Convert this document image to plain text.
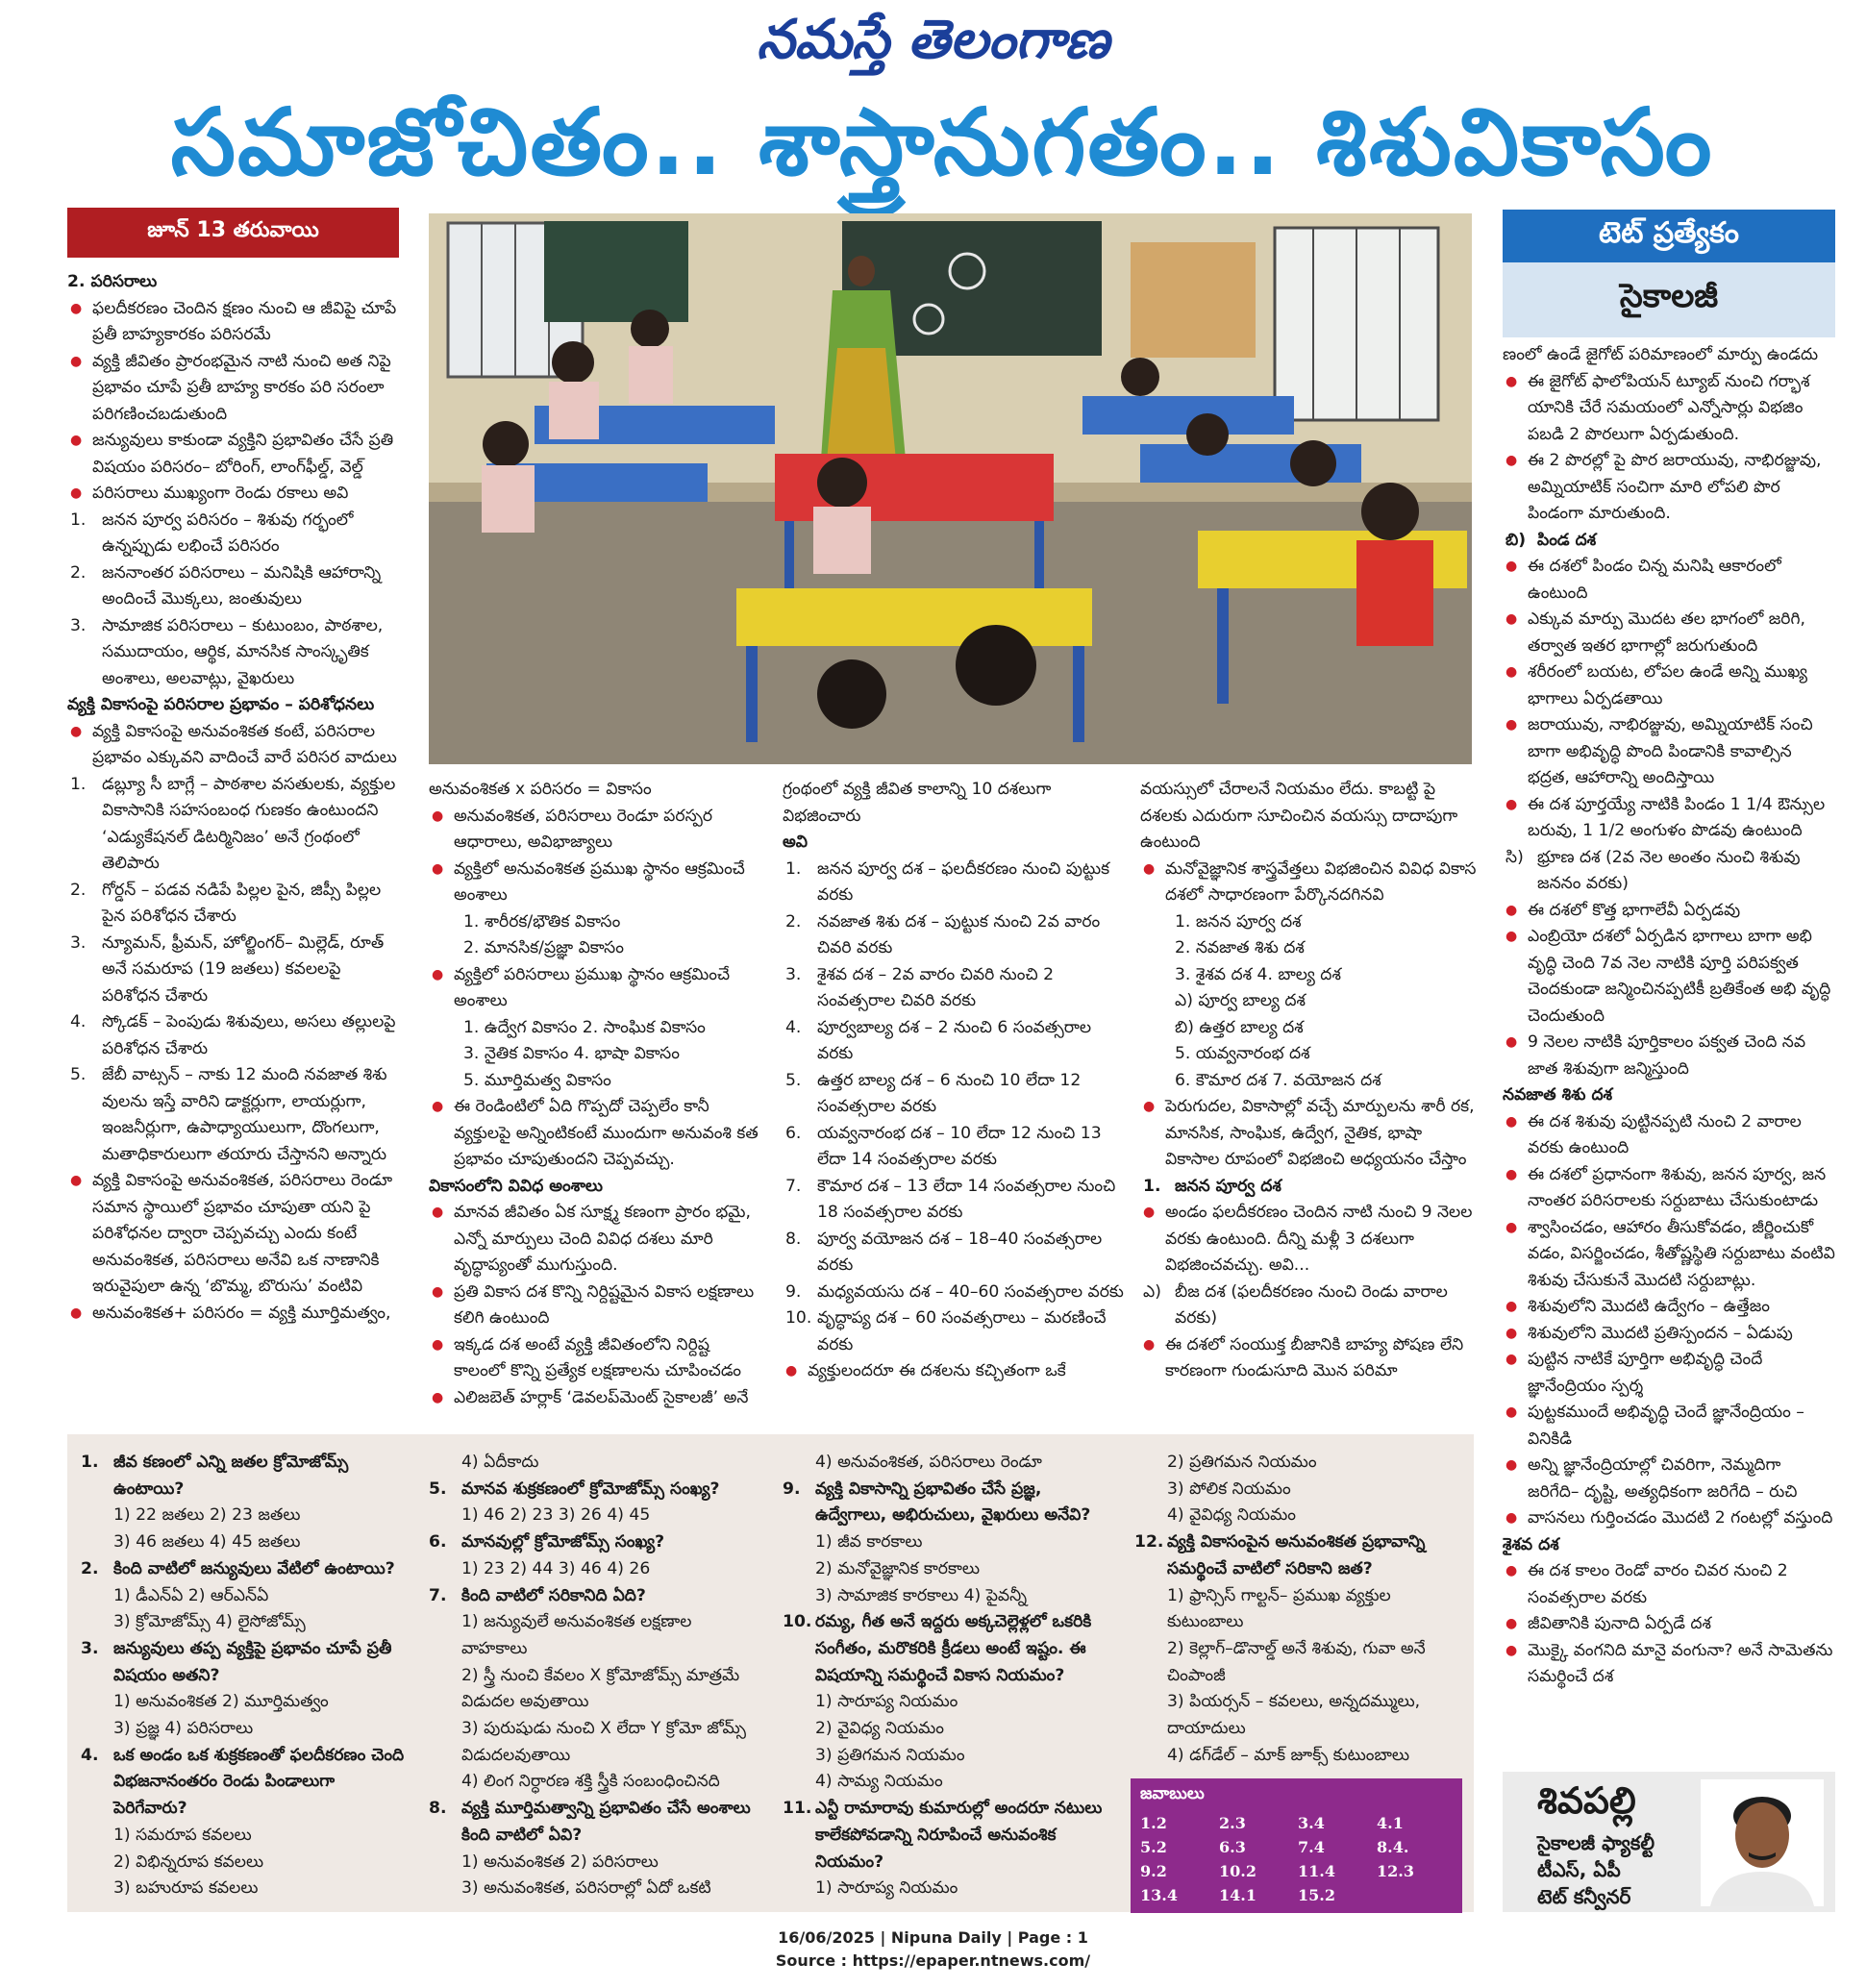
నమస్తే తెలంగాణ
సమాజోచితం.. శాస్త్రానుగతం.. శిశువికాసం
జూన్ 13 తరువాయి

2. పరిసరాలు

● ఫలదీకరణం చెందిన క్షణం నుంచి ఆ జీవిపై చూపే ప్రతీ బాహ్యకారకం పరిసరమే

● వ్యక్తి జీవితం ప్రారంభమైన నాటి నుంచి అత నిపై ప్రభావం చూపే ప్రతీ బాహ్య కారకం పరి సరంలా పరిగణించబడుతుంది

● జన్యువులు కాకుండా వ్యక్తిని ప్రభావితం చేసే ప్రతి విషయం పరిసరం– బోరింగ్, లాంగ్‌ఫీల్డ్, వెల్డ్

● పరిసరాలు ముఖ్యంగా రెండు రకాలు అవి

1. జనన పూర్వ పరిసరం – శిశువు గర్భంలో ఉన్నప్పుడు లభించే పరిసరం

2. జననాంతర పరిసరాలు – మనిషికి ఆహారాన్ని అందించే మొక్కలు, జంతువులు

3. సామాజిక పరిసరాలు – కుటుంబం, పాఠశాల, సముదాయం, ఆర్థిక, మానసిక సాంస్కృతిక అంశాలు, అలవాట్లు, వైఖరులు

వ్యక్తి వికాసంపై పరిసరాల ప్రభావం – పరిశోధనలు

● వ్యక్తి వికాసంపై అనువంశికత కంటే, పరిసరాల ప్రభావం ఎక్కువని వాదించే వారే పరిసర వాదులు

1. డబ్ల్యూ సీ బాగ్లే – పాఠశాల వసతులకు, వ్యక్తుల వికాసానికి సహసంబంధ గుణకం ఉంటుందని ‘ఎడ్యుకేషనల్ డిటర్మినిజం’ అనే గ్రంథంలో తెలిపారు

2. గోర్డన్ – పడవ నడిపే పిల్లల పైన, జిప్సీ పిల్లల పైన పరిశోధన చేశారు

3. న్యూమన్, ఫ్రీమన్, హోల్జింగర్– మిల్లెడ్, రూత్ అనే సమరూప (19 జతలు) కవలలపై పరిశోధన చేశారు

4. స్కోడక్ – పెంపుడు శిశువులు, అసలు తల్లులపై పరిశోధన చేశారు

5. జేబీ వాట్సన్ – నాకు 12 మంది నవజాత శిశు వులను ఇస్తే వారిని డాక్టర్లుగా, లాయర్లుగా, ఇంజనీర్లుగా, ఉపాధ్యాయులుగా, దొంగలుగా, మతాధికారులుగా తయారు చేస్తానని అన్నారు

● వ్యక్తి వికాసంపై అనువంశికత, పరిసరాలు రెండూ సమాన స్థాయిలో ప్రభావం చూపుతా యని పై పరిశోధనల ద్వారా చెప్పవచ్చు ఎందు కంటే అనువంశికత, పరిసరాలు అనేవి ఒక నాణానికి ఇరువైపులా ఉన్న ‘బొమ్మ, బొరుసు’ వంటివి

● అనువంశికత+ పరిసరం = వ్యక్తి మూర్తిమత్వం,

అనువంశికత x పరిసరం = వికాసం

● అనువంశికత, పరిసరాలు రెండూ పరస్పర ఆధారాలు, అవిభాజ్యాలు

● వ్యక్తిలో అనువంశికత ప్రముఖ స్థానం ఆక్రమించే అంశాలు

1. శారీరక/భౌతిక వికాసం

2. మానసిక/ప్రజ్ఞా వికాసం

● వ్యక్తిలో పరిసరాలు ప్రముఖ స్థానం ఆక్రమించే అంశాలు

1. ఉద్వేగ వికాసం 2. సాంఘిక వికాసం

3. నైతిక వికాసం 4. భాషా వికాసం

5. మూర్తిమత్వ వికాసం

● ఈ రెండింటిలో ఏది గొప్పదో చెప్పలేం కానీ వ్యక్తులపై అన్నింటికంటే ముందుగా అనువంశి కత ప్రభావం చూపుతుందని చెప్పవచ్చు.

వికాసంలోని వివిధ అంశాలు

● మానవ జీవితం ఏక సూక్ష్మ కణంగా ప్రారం భమై, ఎన్నో మార్పులు చెంది వివిధ దశలు మారి వృద్ధాప్యంతో ముగుస్తుంది.

● ప్రతి వికాస దశ కొన్ని నిర్దిష్టమైన వికాస లక్షణాలు కలిగి ఉంటుంది

● ఇక్కడ దశ అంటే వ్యక్తి జీవితంలోని నిర్దిష్ట కాలంలో కొన్ని ప్రత్యేక లక్షణాలను చూపించడం

● ఎలిజబెత్ హర్లాక్ ‘డెవలప్‌మెంట్ సైకాలజీ’ అనే

గ్రంథంలో వ్యక్తి జీవిత కాలాన్ని 10 దశలుగా విభజించారు

అవి

1. జనన పూర్వ దశ – ఫలదీకరణం నుంచి పుట్టుక వరకు

2. నవజాత శిశు దశ – పుట్టుక నుంచి 2వ వారం చివరి వరకు

3. శైశవ దశ – 2వ వారం చివరి నుంచి 2 సంవత్సరాల చివరి వరకు

4. పూర్వబాల్య దశ – 2 నుంచి 6 సంవత్సరాల వరకు

5. ఉత్తర బాల్య దశ – 6 నుంచి 10 లేదా 12 సంవత్సరాల వరకు

6. యవ్వనారంభ దశ – 10 లేదా 12 నుంచి 13 లేదా 14 సంవత్సరాల వరకు

7. కౌమార దశ – 13 లేదా 14 సంవత్సరాల నుంచి 18 సంవత్సరాల వరకు

8. పూర్వ వయోజన దశ – 18–40 సంవత్సరాల వరకు

9. మధ్యవయసు దశ – 40–60 సంవత్సరాల వరకు

10. వృద్ధాప్య దశ – 60 సంవత్సరాలు – మరణించే వరకు

● వ్యక్తులందరూ ఈ దశలను కచ్చితంగా ఒకే

వయస్సులో చేరాలనే నియమం లేదు. కాబట్టి పై దశలకు ఎదురుగా సూచించిన వయస్సు దాదాపుగా ఉంటుంది

● మనోవైజ్ఞానిక శాస్త్రవేత్తలు విభజించిన వివిధ వికాస దశలో సాధారణంగా పేర్కొనదగినవి

1. జనన పూర్వ దశ

2. నవజాత శిశు దశ

3. శైశవ దశ 4. బాల్య దశ

ఎ) పూర్వ బాల్య దశ

బి) ఉత్తర బాల్య దశ

5. యవ్వనారంభ దశ

6. కౌమార దశ 7. వయోజన దశ

● పెరుగుదల, వికాసాల్లో వచ్చే మార్పులను శారీ రక, మానసిక, సాంఘిక, ఉద్వేగ, నైతిక, భాషా వికాసాల రూపంలో విభజించి అధ్యయనం చేస్తాం

1. జనన పూర్వ దశ

● అండం ఫలదీకరణం చెందిన నాటి నుంచి 9 నెలల వరకు ఉంటుంది. దీన్ని మళ్లీ 3 దశలుగా విభజించవచ్చు. అవి...

ఎ) బీజ దశ (ఫలదీకరణం నుంచి రెండు వారాల వరకు)

● ఈ దశలో సంయుక్త బీజానికి బాహ్య పోషణ లేని కారణంగా గుండుసూది మొన పరిమా

టెట్ ప్రత్యేకం
సైకాలజీ

ణంలో ఉండే జైగోట్ పరిమాణంలో మార్పు ఉండదు

● ఈ జైగోట్ ఫాలోపియన్ ట్యూబ్ నుంచి గర్భాశ యానికి చేరే సమయంలో ఎన్నోసార్లు విభజిం పబడి 2 పొరలుగా ఏర్పడుతుంది.

● ఈ 2 పొరల్లో పై పొర జరాయువు, నాభిరజ్జువు, అమ్నియాటిక్ సంచిగా మారి లోపలి పొర పిండంగా మారుతుంది.

బి) పిండ దశ

● ఈ దశలో పిండం చిన్న మనిషి ఆకారంలో ఉంటుంది

● ఎక్కువ మార్పు మొదట తల భాగంలో జరిగి, తర్వాత ఇతర భాగాల్లో జరుగుతుంది

● శరీరంలో బయట, లోపల ఉండే అన్ని ముఖ్య భాగాలు ఏర్పడతాయి

● జరాయువు, నాభిరజ్జువు, అమ్నియాటిక్ సంచి బాగా అభివృద్ధి పొంది పిండానికి కావాల్సిన భద్రత, ఆహారాన్ని అందిస్తాయి

● ఈ దశ పూర్తయ్యే నాటికి పిండం 1 1/4 ఔన్సుల బరువు, 1 1/2 అంగుళం పొడవు ఉంటుంది

సి) భ్రూణ దశ (2వ నెల అంతం నుంచి శిశువు జననం వరకు)

● ఈ దశలో కొత్త భాగాలేవీ ఏర్పడవు

● ఎంబ్రియో దశలో ఏర్పడిన భాగాలు బాగా అభి వృద్ధి చెంది 7వ నెల నాటికి పూర్తి పరిపక్వత చెందకుండా జన్మించినప్పటికీ బ్రతికేంత అభి వృద్ధి చెందుతుంది

● 9 నెలల నాటికి పూర్తికాలం పక్వత చెంది నవ జాత శిశువుగా జన్మిస్తుంది

నవజాత శిశు దశ

● ఈ దశ శిశువు పుట్టినప్పటి నుంచి 2 వారాల వరకు ఉంటుంది

● ఈ దశలో ప్రధానంగా శిశువు, జనన పూర్వ, జన నాంతర పరిసరాలకు సర్దుబాటు చేసుకుంటాడు

● శ్వాసించడం, ఆహారం తీసుకోవడం, జీర్ణించుకో వడం, విసర్జించడం, శీతోష్ణస్థితి సర్దుబాటు వంటివి శిశువు చేసుకునే మొదటి సర్దుబాట్లు.

● శిశువులోని మొదటి ఉద్వేగం – ఉత్తేజం

● శిశువులోని మొదటి ప్రతిస్పందన – ఏడుపు

● పుట్టిన నాటికే పూర్తిగా అభివృద్ధి చెందే జ్ఞానేంద్రియం స్పర్శ

● పుట్టకముందే అభివృద్ధి చెందే జ్ఞానేంద్రియం – వినికిడి

● అన్ని జ్ఞానేంద్రియాల్లో చివరిగా, నెమ్మదిగా జరిగేది– దృష్టి, అత్యధికంగా జరిగేది – రుచి

● వాసనలు గుర్తించడం మొదటి 2 గంటల్లో వస్తుంది

శైశవ దశ

● ఈ దశ కాలం రెండో వారం చివర నుంచి 2 సంవత్సరాల వరకు

● జీవితానికి పునాది ఏర్పడే దశ

● మొక్కై వంగనిది మానై వంగునా? అనే సామెతను సమర్థించే దశ

1. జీవ కణంలో ఎన్ని జతల క్రోమోజోమ్స్ ఉంటాయి?

1) 22 జతలు 2) 23 జతలు

3) 46 జతలు 4) 45 జతలు

2. కింది వాటిలో జన్యువులు వేటిలో ఉంటాయి?

1) డీఎన్ఏ 2) ఆర్ఎన్ఏ

3) క్రోమోజోమ్స్ 4) లైసోజోమ్స్

3. జన్యువులు తప్ప వ్యక్తిపై ప్రభావం చూపే ప్రతీ విషయం అతని?

1) అనువంశికత 2) మూర్తిమత్వం

3) ప్రజ్ఞ 4) పరిసరాలు

4. ఒక అండం ఒక శుక్రకణంతో ఫలదీకరణం చెంది విభజనానంతరం రెండు పిండాలుగా పెరిగేవారు?

1) సమరూప కవలలు

2) విభిన్నరూప కవలలు

3) బహురూప కవలలు

4) ఏదీకాదు

5. మానవ శుక్రకణంలో క్రోమోజోమ్స్ సంఖ్య?

1) 46 2) 23 3) 26 4) 45

6. మానవుల్లో క్రోమోజోమ్స్ సంఖ్య?

1) 23 2) 44 3) 46 4) 26

7. కింది వాటిలో సరికానిది ఏది?

1) జన్యువులే అనువంశికత లక్షణాల వాహకాలు

2) స్త్రీ నుంచి కేవలం X క్రోమోజోమ్స్ మాత్రమే విడుదల అవుతాయి

3) పురుషుడు నుంచి X లేదా Y క్రోమో జోమ్స్ విడుదలవుతాయి

4) లింగ నిర్ధారణ శక్తి స్త్రీకి సంబంధించినది

8. వ్యక్తి మూర్తిమత్వాన్ని ప్రభావితం చేసే అంశాలు కింది వాటిలో ఏవి?

1) అనువంశికత 2) పరిసరాలు

3) అనువంశికత, పరిసరాల్లో ఏదో ఒకటి

4) అనువంశికత, పరిసరాలు రెండూ

9. వ్యక్తి వికాసాన్ని ప్రభావితం చేసే ప్రజ్ఞ, ఉద్వేగాలు, అభిరుచులు, వైఖరులు అనేవి?

1) జీవ కారకాలు

2) మనోవైజ్ఞానిక కారకాలు

3) సామాజిక కారకాలు 4) పైవన్నీ

10. రమ్య, గీత అనే ఇద్దరు అక్కచెల్లెళ్లలో ఒకరికి సంగీతం, మరొకరికి క్రీడలు అంటే ఇష్టం. ఈ విషయాన్ని సమర్థించే వికాస నియమం?

1) సారూప్య నియమం

2) వైవిధ్య నియమం

3) ప్రతిగమన నియమం

4) సామ్య నియమం

11. ఎన్టీ రామారావు కుమారుల్లో అందరూ నటులు కాలేకపోవడాన్ని నిరూపించే అనువంశిక నియమం?

1) సారూప్య నియమం

2) ప్రతిగమన నియమం

3) పోలిక నియమం

4) వైవిధ్య నియమం

12. వ్యక్తి వికాసంపైన అనువంశికత ప్రభావాన్ని సమర్థించే వాటిలో సరికాని జత?

1) ఫ్రాన్సిస్ గాల్టన్– ప్రముఖ వ్యక్తుల కుటుంబాలు

2) కెల్లాగ్–డొనాల్డ్ అనే శిశువు, గువా అనే చింపాంజీ

3) పియర్సన్ – కవలలు, అన్నదమ్ములు, దాయాదులు

4) డగ్‌డేల్ – మాక్ జూక్స్ కుటుంబాలు

జవాబులు
1.2	2.3	3.4	4.1
5.2	6.3	7.4	8.4.
9.2	10.2	11.4	12.3
13.4	14.1	15.2
శివపల్లి
సైకాలజీ ఫ్యాకల్టీ
టీఎస్, ఏపీ
టెట్ కన్వీనర్
16/06/2025 | Nipuna Daily | Page : 1
Source : https://epaper.ntnews.com/
